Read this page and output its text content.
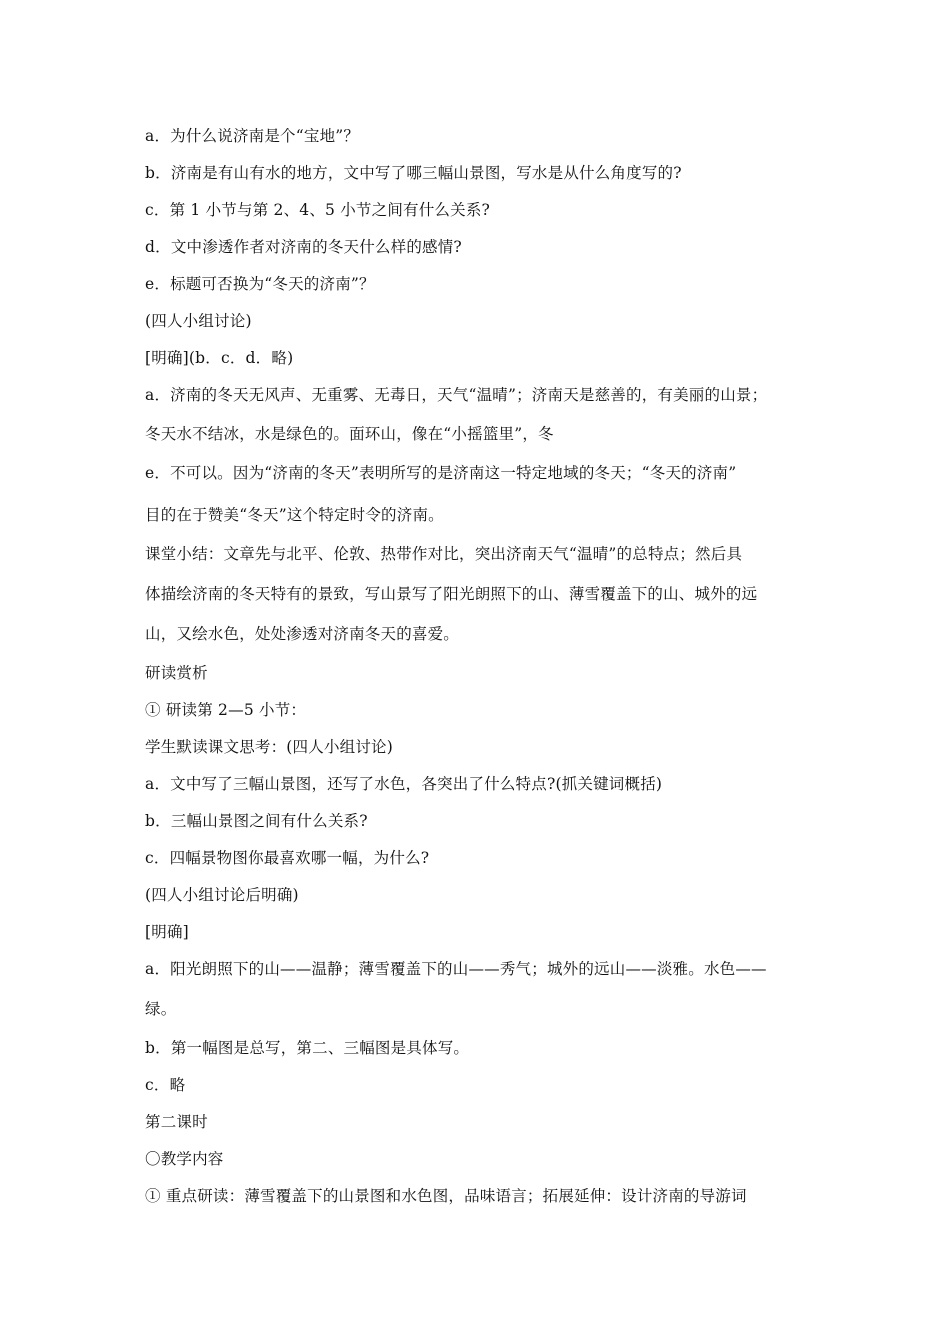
a．为什么说济南是个“宝地”？
b．济南是有山有水的地方，文中写了哪三幅山景图，写水是从什么角度写的?
c．第 1 小节与第 2、4、5 小节之间有什么关系?
d．文中渗透作者对济南的冬天什么样的感情?
e．标题可否换为“冬天的济南”？
(四人小组讨论)
[明确](b．c．d．略)
a．济南的冬天无风声、无重雾、无毒日，天气“温晴”；济南天是慈善的，有美丽的山景；
冬天水不结冰，水是绿色的。面环山，像在“小摇篮里”，冬
e．不可以。因为“济南的冬天”表明所写的是济南这一特定地域的冬天；“冬天的济南”
目的在于赞美“冬天”这个特定时令的济南。
课堂小结：文章先与北平、伦敦、热带作对比，突出济南天气“温晴”的总特点；然后具
体描绘济南的冬天特有的景致，写山景写了阳光朗照下的山、薄雪覆盖下的山、城外的远
山，又绘水色，处处渗透对济南冬天的喜爱。
研读赏析
① 研读第 2—5 小节：
学生默读课文思考：(四人小组讨论)
a．文中写了三幅山景图，还写了水色，各突出了什么特点?(抓关键词概括)
b．三幅山景图之间有什么关系?
c．四幅景物图你最喜欢哪一幅，为什么?
(四人小组讨论后明确)
[明确]
a．阳光朗照下的山——温静；薄雪覆盖下的山——秀气；城外的远山——淡雅。水色——
绿。
b．第一幅图是总写，第二、三幅图是具体写。
c．略
第二课时
〇教学内容
① 重点研读：薄雪覆盖下的山景图和水色图，品味语言；拓展延伸：设计济南的导游词
